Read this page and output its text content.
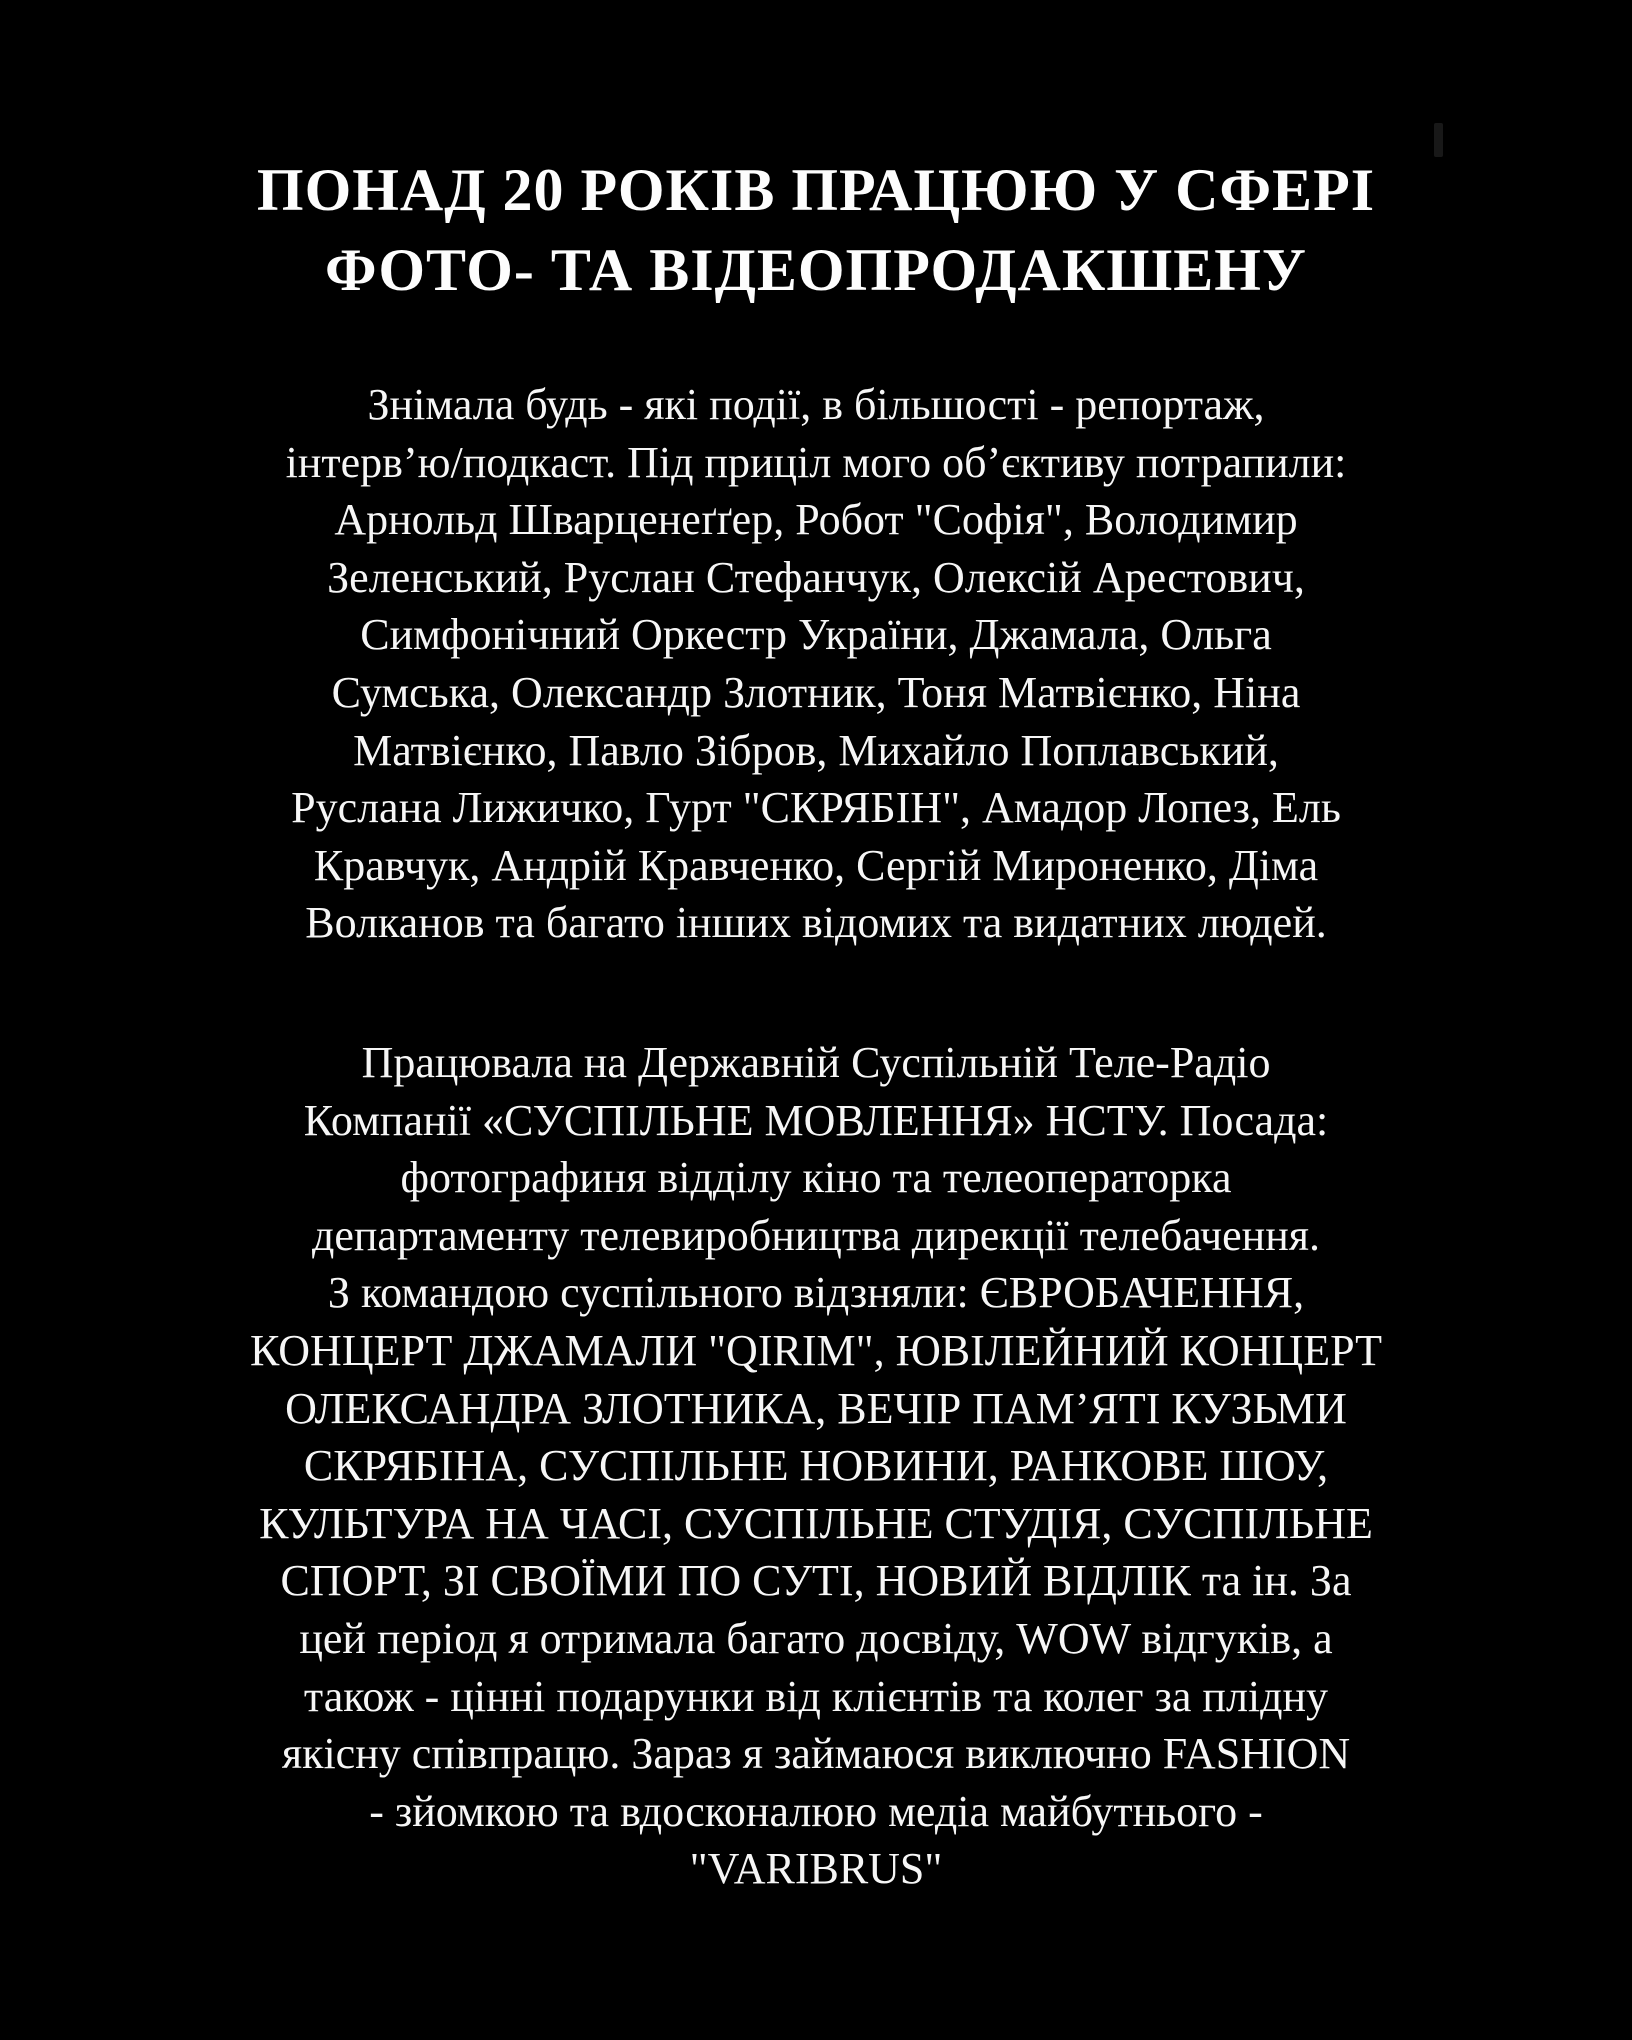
ПОНАД 20 РОКІВ ПРАЦЮЮ У СФЕРІ
ФОТО- ТА ВІДЕОПРОДАКШЕНУ
Знімала будь - які події, в більшості - репортаж,
інтерв’ю/подкаст. Під приціл мого об’єктиву потрапили:
Арнольд Шварценеґґер, Робот "Софія", Володимир
Зеленський, Руслан Стефанчук, Олексій Арестович,
Симфонічний Оркестр України, Джамала, Ольга
Сумська, Олександр Злотник, Тоня Матвієнко, Ніна
Матвієнко, Павло Зібров, Михайло Поплавський,
Руслана Лижичко, Гурт "СКРЯБІН", Амадор Лопез, Ель
Кравчук, Андрій Кравченко, Сергій Мироненко, Діма
Волканов та багато інших відомих та видатних людей.
Працювала на Державній Суспільній Теле-Радіо
Компанії «СУСПІЛЬНЕ МОВЛЕННЯ» НСТУ. Посада:
фотографиня відділу кіно та телеоператорка
департаменту телевиробництва дирекції телебачення.
З командою суспільного відзняли: ЄВРОБАЧЕННЯ,
КОНЦЕРТ ДЖАМАЛИ "QIRIM", ЮВІЛЕЙНИЙ КОНЦЕРТ
ОЛЕКСАНДРА ЗЛОТНИКА, ВЕЧІР ПАМ’ЯТІ КУЗЬМИ
СКРЯБІНА, СУСПІЛЬНЕ НОВИНИ, РАНКОВЕ ШОУ,
КУЛЬТУРА НА ЧАСІ, СУСПІЛЬНЕ СТУДІЯ, СУСПІЛЬНЕ
СПОРТ, ЗІ СВОЇМИ ПО СУТІ, НОВИЙ ВІДЛІК та ін. За
цей період я отримала багато досвіду, WOW відгуків, а
також - цінні подарунки від клієнтів та колег за плідну
якісну співпрацю. Зараз я займаюся виключно FASHION
- зйомкою та вдосконалюю медіа майбутнього -
"VARIBRUS"
